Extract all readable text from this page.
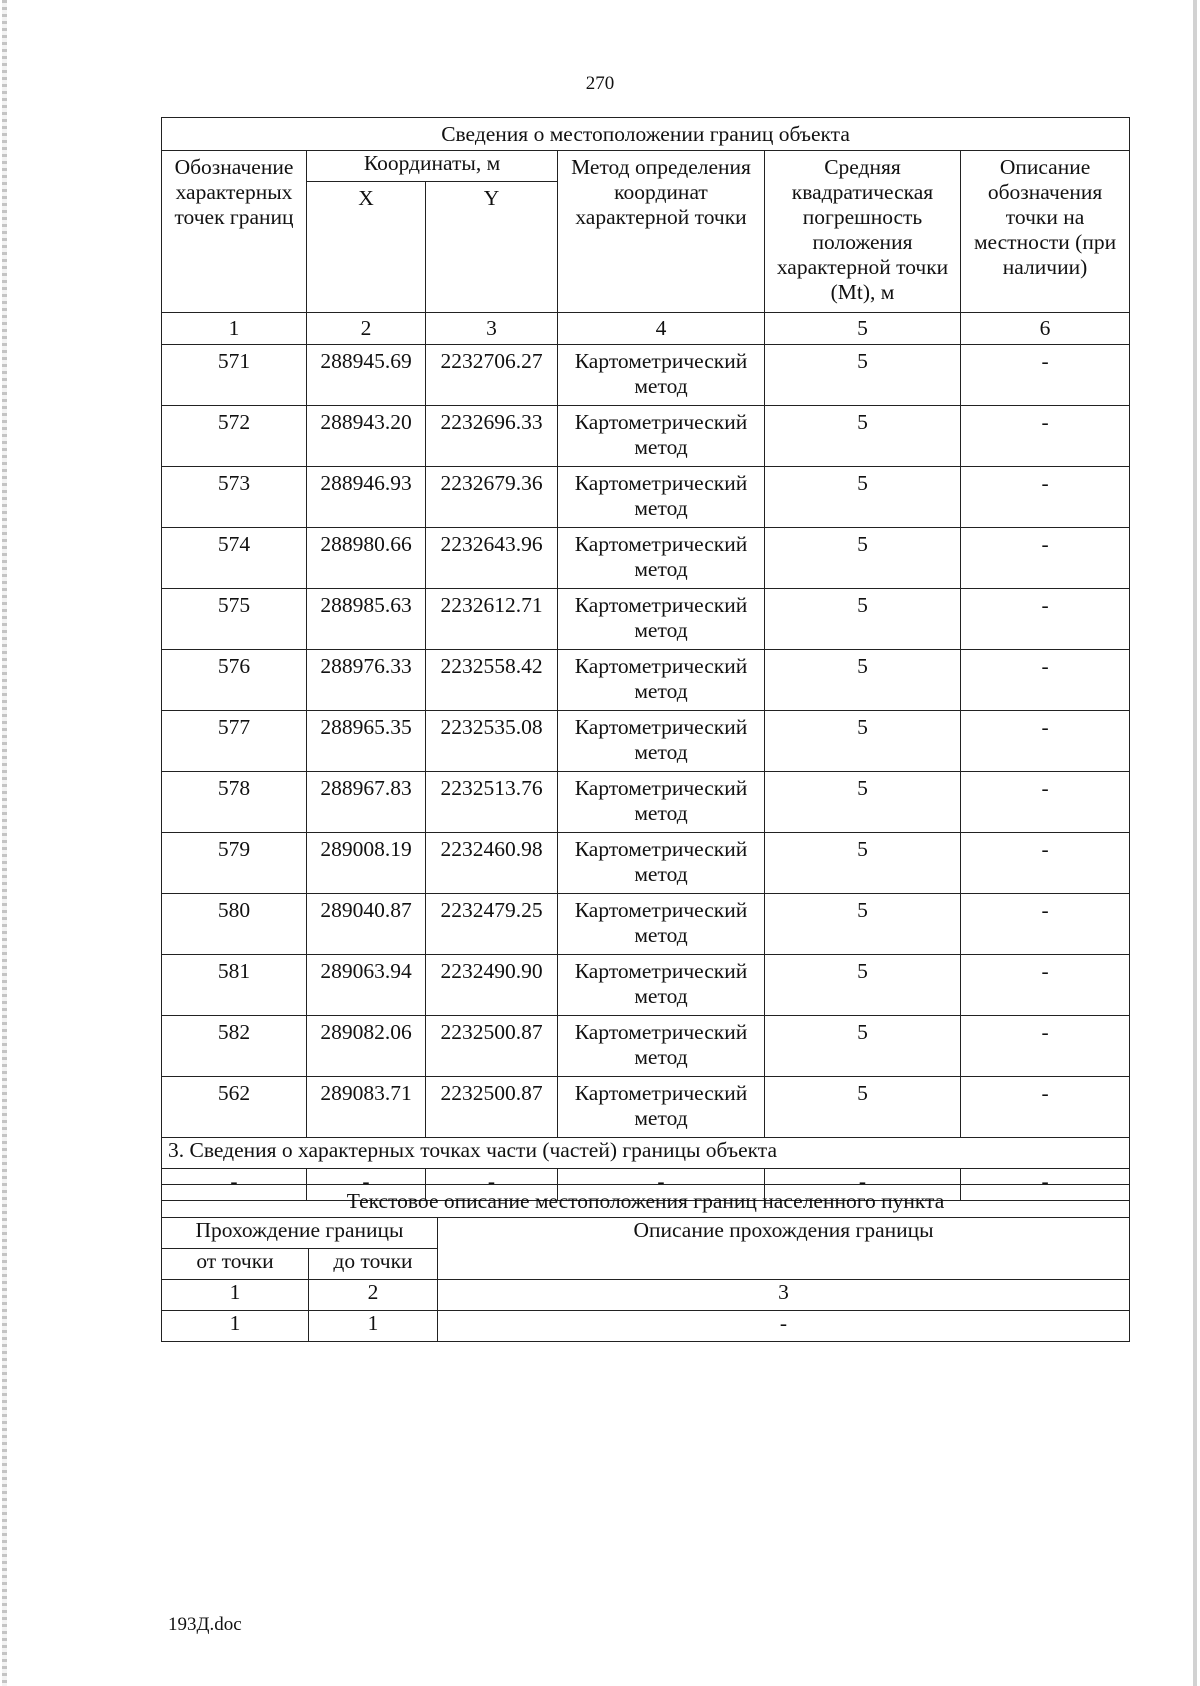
270
Сведения о местоположении границ объекта					
Обозначение характерных точек границ	Координаты, м		Метод определения координат характерной точки	Средняя квадратическая погрешность положения характерной точки (Mt), м	Описание обозначения точки на местности (при наличии)
	X	Y			
1	2	3	4	5	6
571	288945.69	2232706.27	Картометрический метод	5	-
572	288943.20	2232696.33	Картометрический метод	5	-
573	288946.93	2232679.36	Картометрический метод	5	-
574	288980.66	2232643.96	Картометрический метод	5	-
575	288985.63	2232612.71	Картометрический метод	5	-
576	288976.33	2232558.42	Картометрический метод	5	-
577	288965.35	2232535.08	Картометрический метод	5	-
578	288967.83	2232513.76	Картометрический метод	5	-
579	289008.19	2232460.98	Картометрический метод	5	-
580	289040.87	2232479.25	Картометрический метод	5	-
581	289063.94	2232490.90	Картометрический метод	5	-
582	289082.06	2232500.87	Картометрический метод	5	-
562	289083.71	2232500.87	Картометрический метод	5	-
3. Сведения о характерных точках части (частей) границы объекта					
-	-	-	-	-	-
Текстовое описание местоположения границ населенного пункта		
Прохождение границы		Описание прохождения границы
от точки	до точки	
1	2	3
1	1	-
193Д.doc
